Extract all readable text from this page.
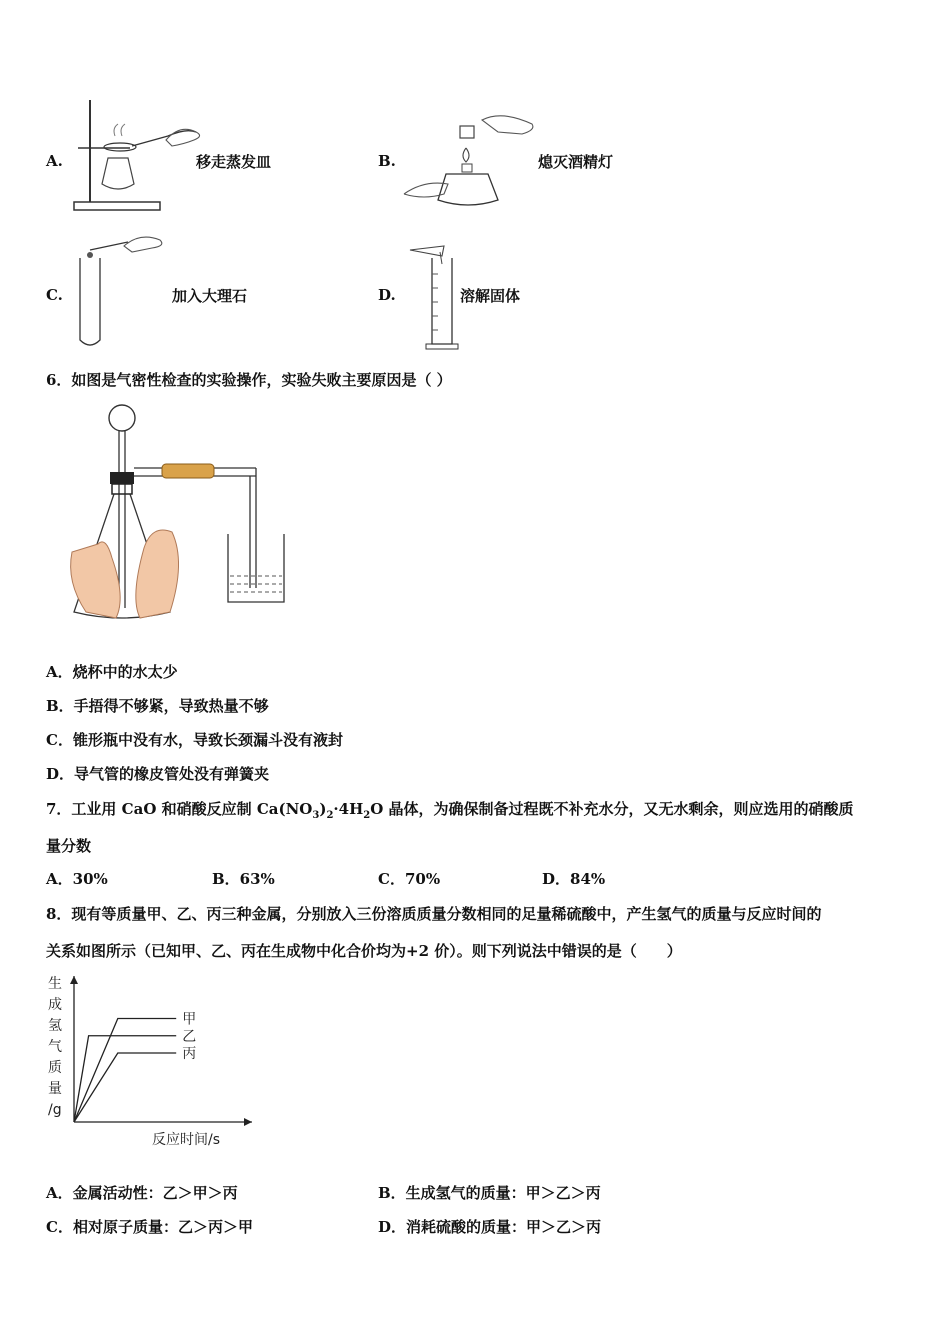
A.	移走蒸发皿	B.	熄灭酒精灯
C.	加入大理石	D.	溶解固体
6．如图是气密性检查的实验操作，实验失败主要原因是（ ）
A．烧杯中的水太少
B．手捂得不够紧，导致热量不够
C．锥形瓶中没有水，导致长颈漏斗没有液封
D．导气管的橡皮管处没有弹簧夹
7．工业用 CaO 和硝酸反应制 $Ca(NO_3)_2\cdot 4H_2O$ 晶体，为确保制备过程既不补充水分，又无水剩余，则应选用的硝酸质
量分数
A．30%	B．63%	C．70%	D．84%
8．现有等质量甲、乙、丙三种金属，分别放入三份溶质质量分数相同的足量稀硫酸中，产生氢气的质量与反应时间的
关系如图所示（已知甲、乙、丙在生成物中化合价均为+2 价）。则下列说法中错误的是（　　）
生
成
氢
气
质
量
/g
反应时间/s
甲
乙
丙
A．金属活动性：乙＞甲＞丙	B．生成氢气的质量：甲＞乙＞丙
C．相对原子质量：乙＞丙＞甲	D．消耗硫酸的质量：甲＞乙＞丙
